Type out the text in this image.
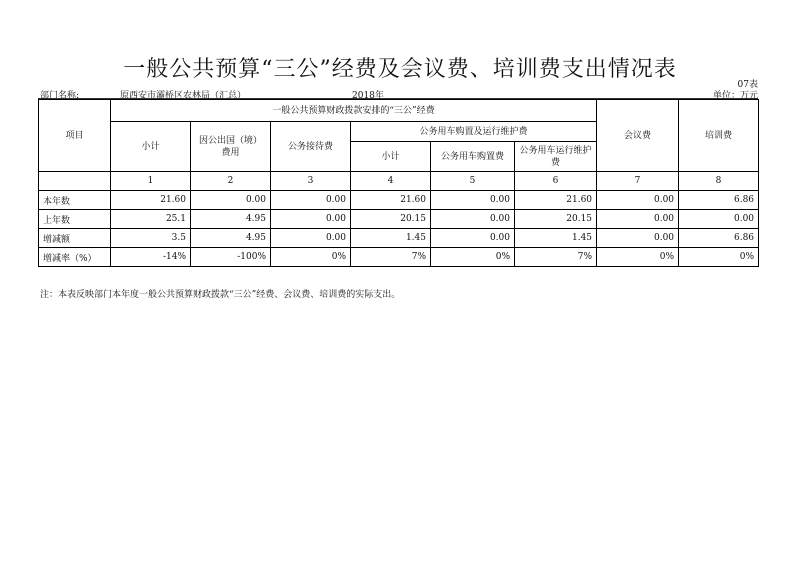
一般公共预算“三公”经费及会议费、培训费支出情况表
07表
部门名称:	原西安市灞桥区农林局（汇总）	2018年	单位：万元
项目	一般公共预算财政拨款安排的“三公”经费						会议费	培训费
	小计	因公出国（境）费用	公务接待费	公务用车购置及运行维护费				
				小计	公务用车购置费	公务用车运行维护费		
	1	2	3	4	5	6	7	8
本年数	21.60	0.00	0.00	21.60	0.00	21.60	0.00	6.86
上年数	25.1	4.95	0.00	20.15	0.00	20.15	0.00	0.00
增减额	3.5	4.95	0.00	1.45	0.00	1.45	0.00	6.86
增减率（%）	-14%	-100%	0%	7%	0%	7%	0%	0%
注：本表反映部门本年度一般公共预算财政拨款“三公”经费、会议费、培训费的实际支出。
